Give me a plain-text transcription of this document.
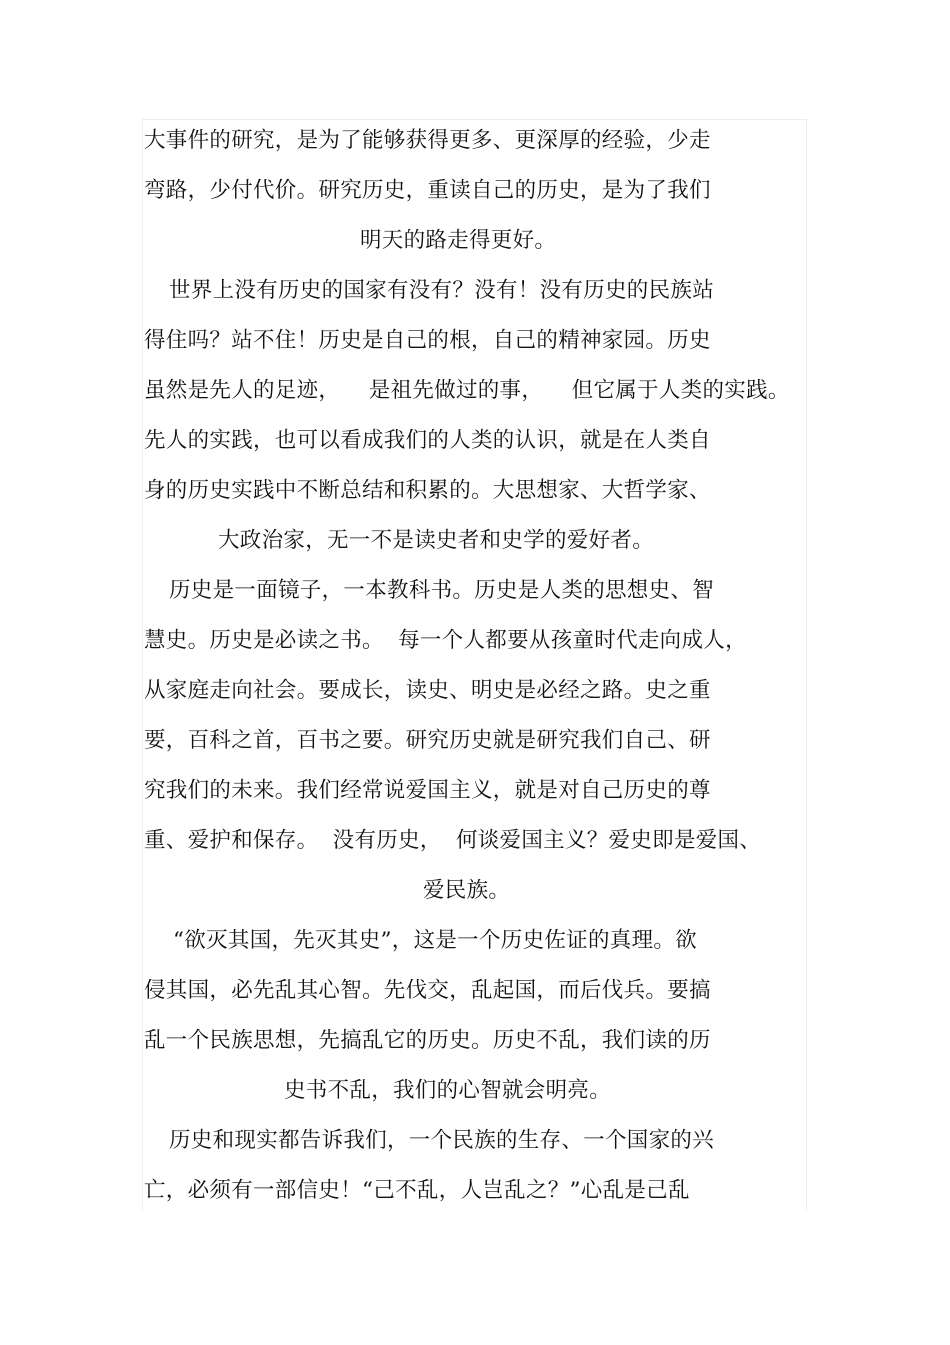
大事件的研究，是为了能够获得更多、更深厚的经验，少走
弯路，少付代价。研究历史，重读自己的历史，是为了我们
明天的路走得更好。
世界上没有历史的国家有没有？没有！没有历史的民族站
得住吗？站不住！历史是自己的根，自己的精神家园。历史
虽然是先人的足迹，    是祖先做过的事，    但它属于人类的实践。
先人的实践，也可以看成我们的人类的认识，就是在人类自
身的历史实践中不断总结和积累的。大思想家、大哲学家、
大政治家，无一不是读史者和史学的爱好者。
历史是一面镜子，一本教科书。历史是人类的思想史、智
慧史。历史是必读之书。  每一个人都要从孩童时代走向成人，
从家庭走向社会。要成长，读史、明史是必经之路。史之重
要，百科之首，百书之要。研究历史就是研究我们自己、研
究我们的未来。我们经常说爱国主义，就是对自己历史的尊
重、爱护和保存。  没有历史，  何谈爱国主义？爱史即是爱国、
爱民族。
“欲灭其国，先灭其史”，这是一个历史佐证的真理。欲
侵其国，必先乱其心智。先伐交，乱起国，而后伐兵。要搞
乱一个民族思想，先搞乱它的历史。历史不乱，我们读的历
史书不乱，我们的心智就会明亮。
历史和现实都告诉我们，一个民族的生存、一个国家的兴
亡，必须有一部信史！“己不乱，人岂乱之？”心乱是己乱
